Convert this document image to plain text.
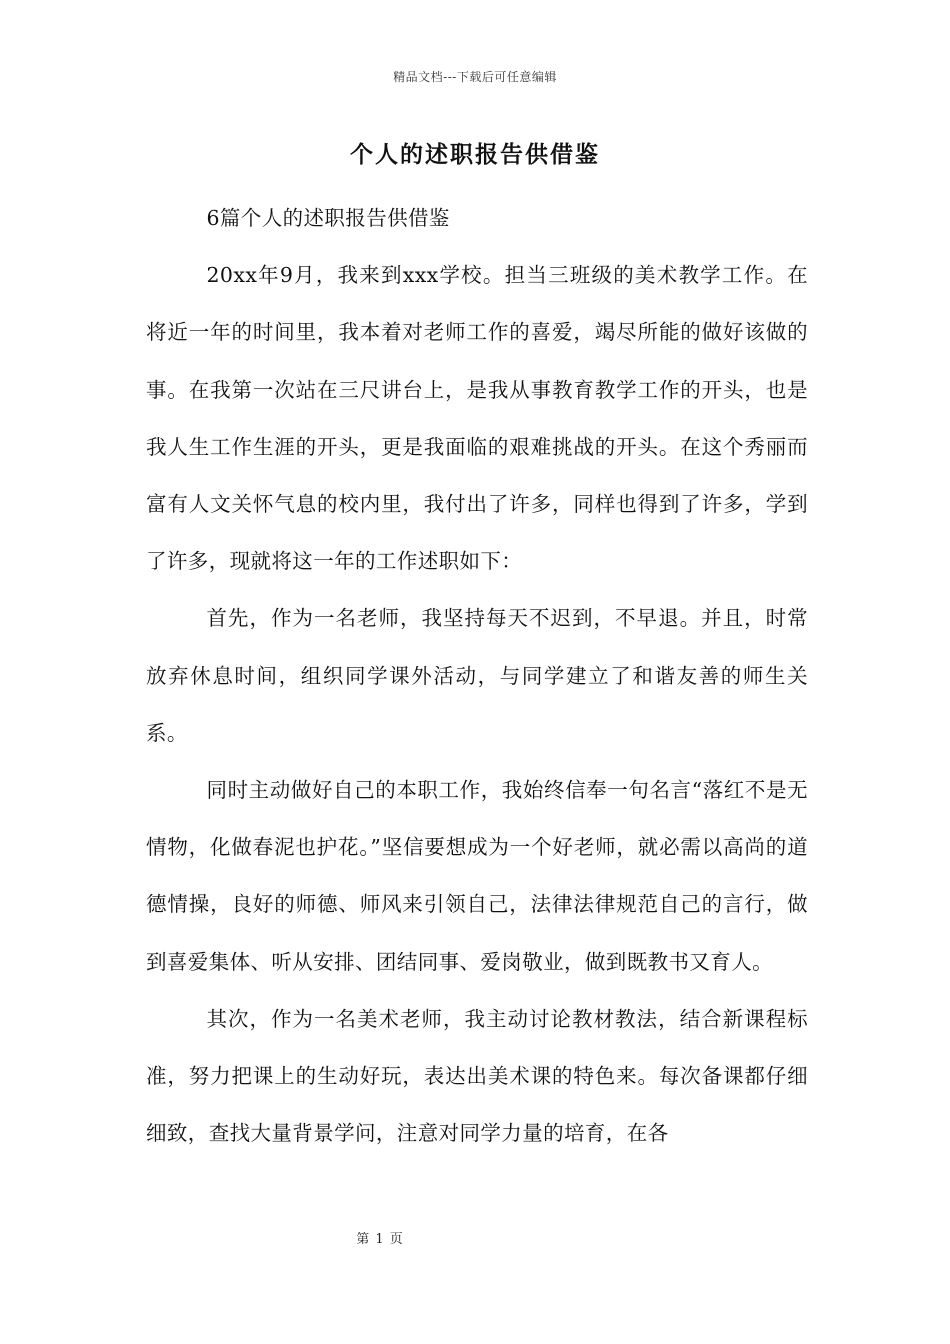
精品文档---下载后可任意编辑
个人的述职报告供借鉴

6篇个人的述职报告供借鉴

20xx年9月，我来到xxx学校。担当三班级的美术教学工作。在将近一年的时间里，我本着对老师工作的喜爱，竭尽所能的做好该做的事。在我第一次站在三尺讲台上，是我从事教育教学工作的开头，也是我人生工作生涯的开头，更是我面临的艰难挑战的开头。在这个秀丽而富有人文关怀气息的校内里，我付出了许多，同样也得到了许多，学到了许多，现就将这一年的工作述职如下：

首先，作为一名老师，我坚持每天不迟到，不早退。并且，时常放弃休息时间，组织同学课外活动，与同学建立了和谐友善的师生关系。

同时主动做好自己的本职工作，我始终信奉一句名言“落红不是无情物，化做春泥也护花。”坚信要想成为一个好老师，就必需以高尚的道德情操，良好的师德、师风来引领自己，法律法律规范自己的言行，做到喜爱集体、听从安排、团结同事、爱岗敬业，做到既教书又育人。

其次，作为一名美术老师，我主动讨论教材教法，结合新课程标准，努力把课上的生动好玩，表达出美术课的特色来。每次备课都仔细细致，查找大量背景学问，注意对同学力量的培育，在各

第 1 页
